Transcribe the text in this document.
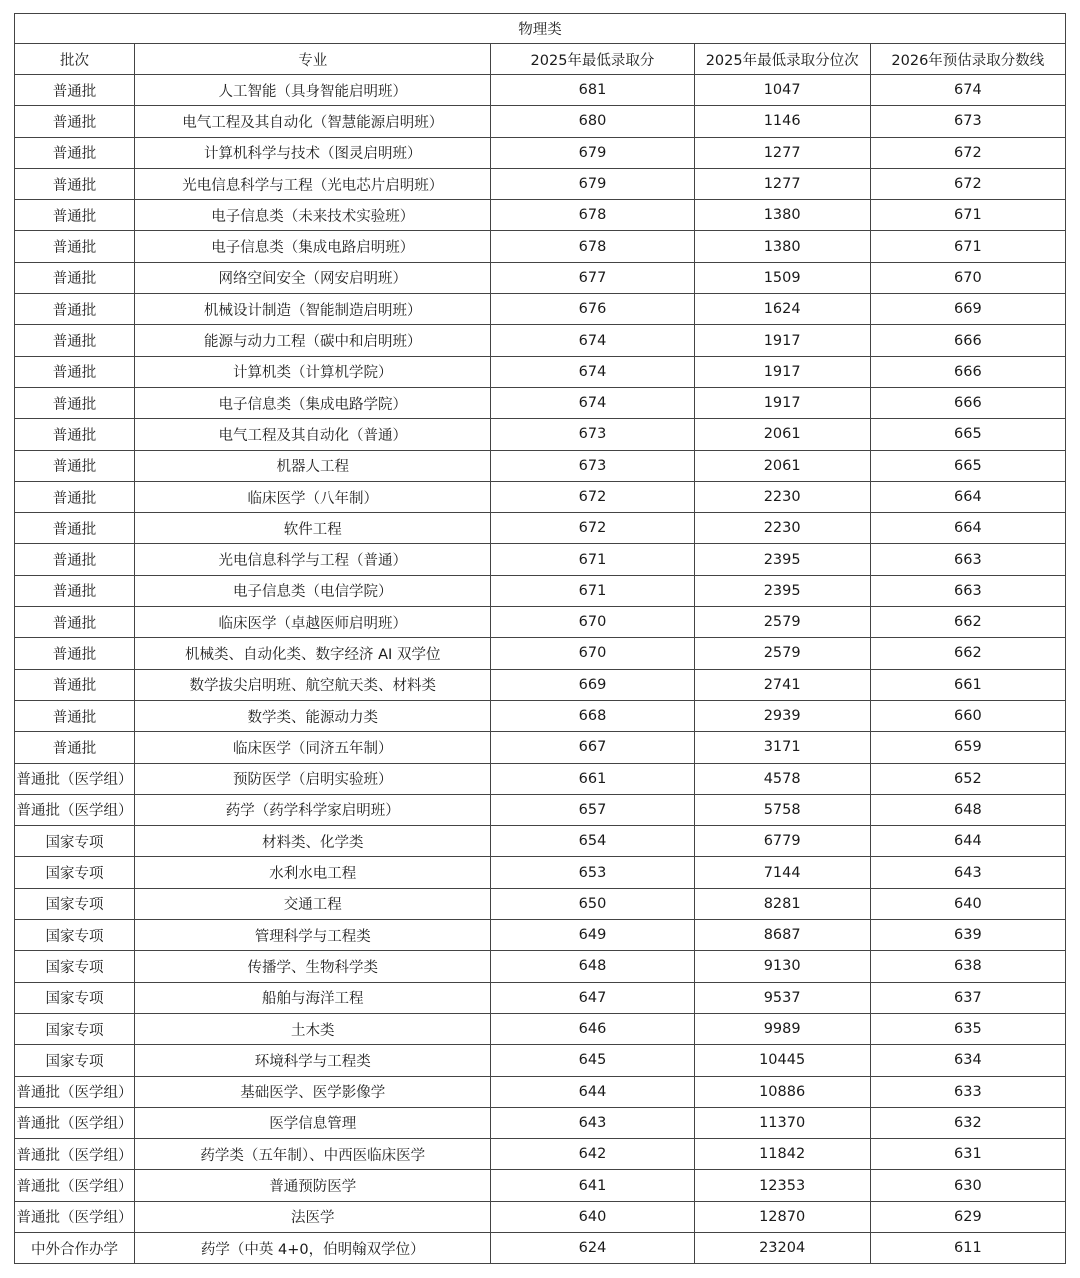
物理类				
批次	专业	2025年最低录取分	2025年最低录取分位次	2026年预估录取分数线
普通批	人工智能（具身智能启明班）	681	1047	674
普通批	电气工程及其自动化（智慧能源启明班）	680	1146	673
普通批	计算机科学与技术（图灵启明班）	679	1277	672
普通批	光电信息科学与工程（光电芯片启明班）	679	1277	672
普通批	电子信息类（未来技术实验班）	678	1380	671
普通批	电子信息类（集成电路启明班）	678	1380	671
普通批	网络空间安全（网安启明班）	677	1509	670
普通批	机械设计制造（智能制造启明班）	676	1624	669
普通批	能源与动力工程（碳中和启明班）	674	1917	666
普通批	计算机类（计算机学院）	674	1917	666
普通批	电子信息类（集成电路学院）	674	1917	666
普通批	电气工程及其自动化（普通）	673	2061	665
普通批	机器人工程	673	2061	665
普通批	临床医学（八年制）	672	2230	664
普通批	软件工程	672	2230	664
普通批	光电信息科学与工程（普通）	671	2395	663
普通批	电子信息类（电信学院）	671	2395	663
普通批	临床医学（卓越医师启明班）	670	2579	662
普通批	机械类、自动化类、数字经济 AI 双学位	670	2579	662
普通批	数学拔尖启明班、航空航天类、材料类	669	2741	661
普通批	数学类、能源动力类	668	2939	660
普通批	临床医学（同济五年制）	667	3171	659
普通批（医学组）	预防医学（启明实验班）	661	4578	652
普通批（医学组）	药学（药学科学家启明班）	657	5758	648
国家专项	材料类、化学类	654	6779	644
国家专项	水利水电工程	653	7144	643
国家专项	交通工程	650	8281	640
国家专项	管理科学与工程类	649	8687	639
国家专项	传播学、生物科学类	648	9130	638
国家专项	船舶与海洋工程	647	9537	637
国家专项	土木类	646	9989	635
国家专项	环境科学与工程类	645	10445	634
普通批（医学组）	基础医学、医学影像学	644	10886	633
普通批（医学组）	医学信息管理	643	11370	632
普通批（医学组）	药学类（五年制）、中西医临床医学	642	11842	631
普通批（医学组）	普通预防医学	641	12353	630
普通批（医学组）	法医学	640	12870	629
中外合作办学	药学（中英 4+0，伯明翰双学位）	624	23204	611
